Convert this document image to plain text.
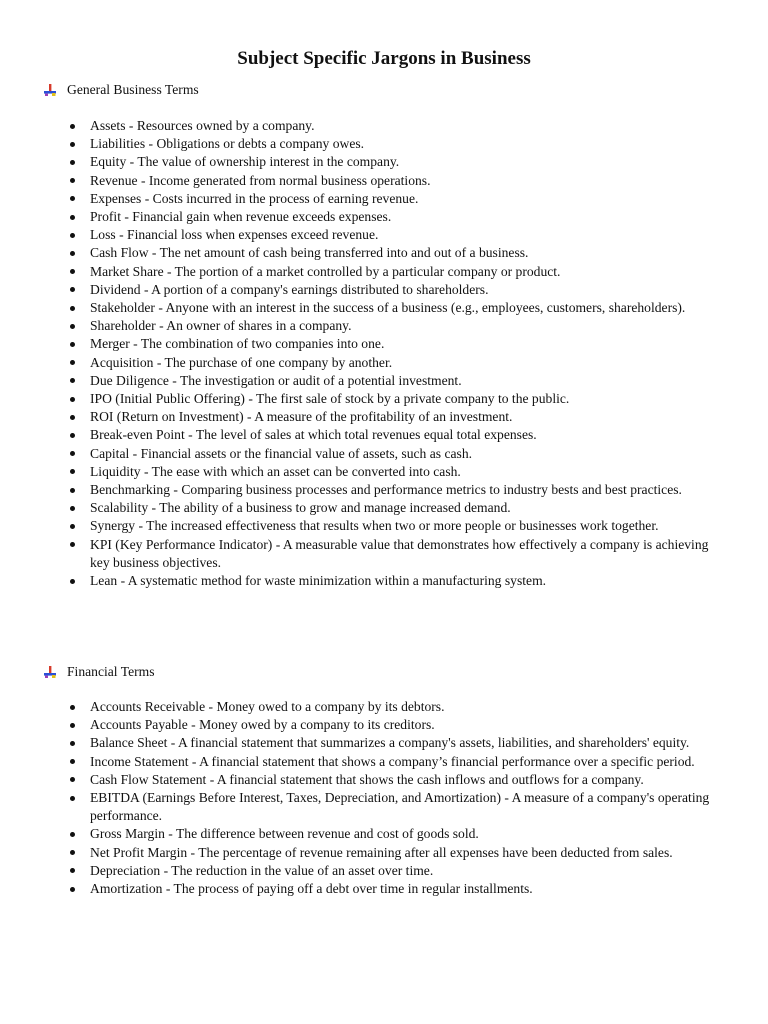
Subject Specific Jargons in Business
General Business Terms
Assets - Resources owned by a company.
Liabilities - Obligations or debts a company owes.
Equity - The value of ownership interest in the company.
Revenue - Income generated from normal business operations.
Expenses - Costs incurred in the process of earning revenue.
Profit - Financial gain when revenue exceeds expenses.
Loss - Financial loss when expenses exceed revenue.
Cash Flow - The net amount of cash being transferred into and out of a business.
Market Share - The portion of a market controlled by a particular company or product.
Dividend - A portion of a company's earnings distributed to shareholders.
Stakeholder - Anyone with an interest in the success of a business (e.g., employees, customers, shareholders).
Shareholder - An owner of shares in a company.
Merger - The combination of two companies into one.
Acquisition - The purchase of one company by another.
Due Diligence - The investigation or audit of a potential investment.
IPO (Initial Public Offering) - The first sale of stock by a private company to the public.
ROI (Return on Investment) - A measure of the profitability of an investment.
Break-even Point - The level of sales at which total revenues equal total expenses.
Capital - Financial assets or the financial value of assets, such as cash.
Liquidity - The ease with which an asset can be converted into cash.
Benchmarking - Comparing business processes and performance metrics to industry bests and best practices.
Scalability - The ability of a business to grow and manage increased demand.
Synergy - The increased effectiveness that results when two or more people or businesses work together.
KPI (Key Performance Indicator) - A measurable value that demonstrates how effectively a company is achieving key business objectives.
Lean - A systematic method for waste minimization within a manufacturing system.
Financial Terms
Accounts Receivable - Money owed to a company by its debtors.
Accounts Payable - Money owed by a company to its creditors.
Balance Sheet - A financial statement that summarizes a company's assets, liabilities, and shareholders' equity.
Income Statement - A financial statement that shows a company’s financial performance over a specific period.
Cash Flow Statement - A financial statement that shows the cash inflows and outflows for a company.
EBITDA (Earnings Before Interest, Taxes, Depreciation, and Amortization) - A measure of a company's operating performance.
Gross Margin - The difference between revenue and cost of goods sold.
Net Profit Margin - The percentage of revenue remaining after all expenses have been deducted from sales.
Depreciation - The reduction in the value of an asset over time.
Amortization - The process of paying off a debt over time in regular installments.
